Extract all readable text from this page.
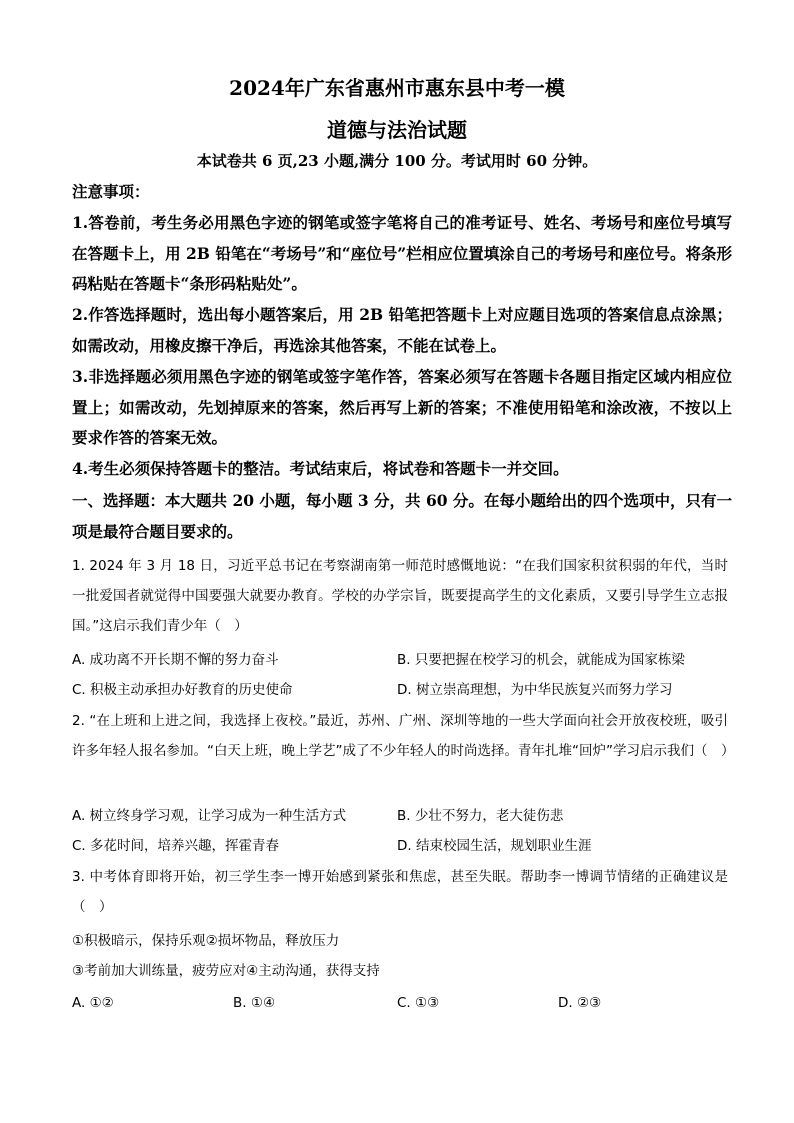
2024年广东省惠州市惠东县中考一模
道德与法治试题
本试卷共 6 页,23 小题,满分 100 分。考试用时 60 分钟。
注意事项：
1.答卷前，考生务必用黑色字迹的钢笔或签字笔将自己的准考证号、姓名、考场号和座位号填写在答题卡上，用 2B 铅笔在“考场号”和“座位号”栏相应位置填涂自己的考场号和座位号。将条形码粘贴在答题卡“条形码粘贴处”。
2.作答选择题时，选出每小题答案后，用 2B 铅笔把答题卡上对应题目选项的答案信息点涂黑；如需改动，用橡皮擦干净后，再选涂其他答案，不能在试卷上。
3.非选择题必须用黑色字迹的钢笔或签字笔作答，答案必须写在答题卡各题目指定区域内相应位置上；如需改动，先划掉原来的答案，然后再写上新的答案；不准使用铅笔和涂改液，不按以上要求作答的答案无效。
4.考生必须保持答题卡的整洁。考试结束后，将试卷和答题卡一并交回。
一、选择题：本大题共 20 小题，每小题 3 分，共 60 分。在每小题给出的四个选项中，只有一项是最符合题目要求的。
1. 2024 年 3 月 18 日，习近平总书记在考察湖南第一师范时感慨地说：“在我们国家积贫积弱的年代，当时一批爱国者就觉得中国要强大就要办教育。学校的办学宗旨，既要提高学生的文化素质，又要引导学生立志报国。”这启示我们青少年（　）
A. 成功离不开长期不懈的努力奋斗	B. 只要把握在校学习的机会，就能成为国家栋梁
C. 积极主动承担办好教育的历史使命	D. 树立崇高理想，为中华民族复兴而努力学习
2. “在上班和上进之间，我选择上夜校。”最近，苏州、广州、深圳等地的一些大学面向社会开放夜校班，吸引许多年轻人报名参加。“白天上班，晚上学艺”成了不少年轻人的时尚选择。青年扎堆“回炉”学习启示我们（　）
A. 树立终身学习观，让学习成为一种生活方式	B. 少壮不努力，老大徒伤悲
C. 多花时间，培养兴趣，挥霍青春	D. 结束校园生活，规划职业生涯
3. 中考体育即将开始，初三学生李一博开始感到紧张和焦虑，甚至失眠。帮助李一博调节情绪的正确建议是（　）
①积极暗示，保持乐观②损坏物品，释放压力
③考前加大训练量，疲劳应对④主动沟通，获得支持
A. ①②	B. ①④	C. ①③	D. ②③
